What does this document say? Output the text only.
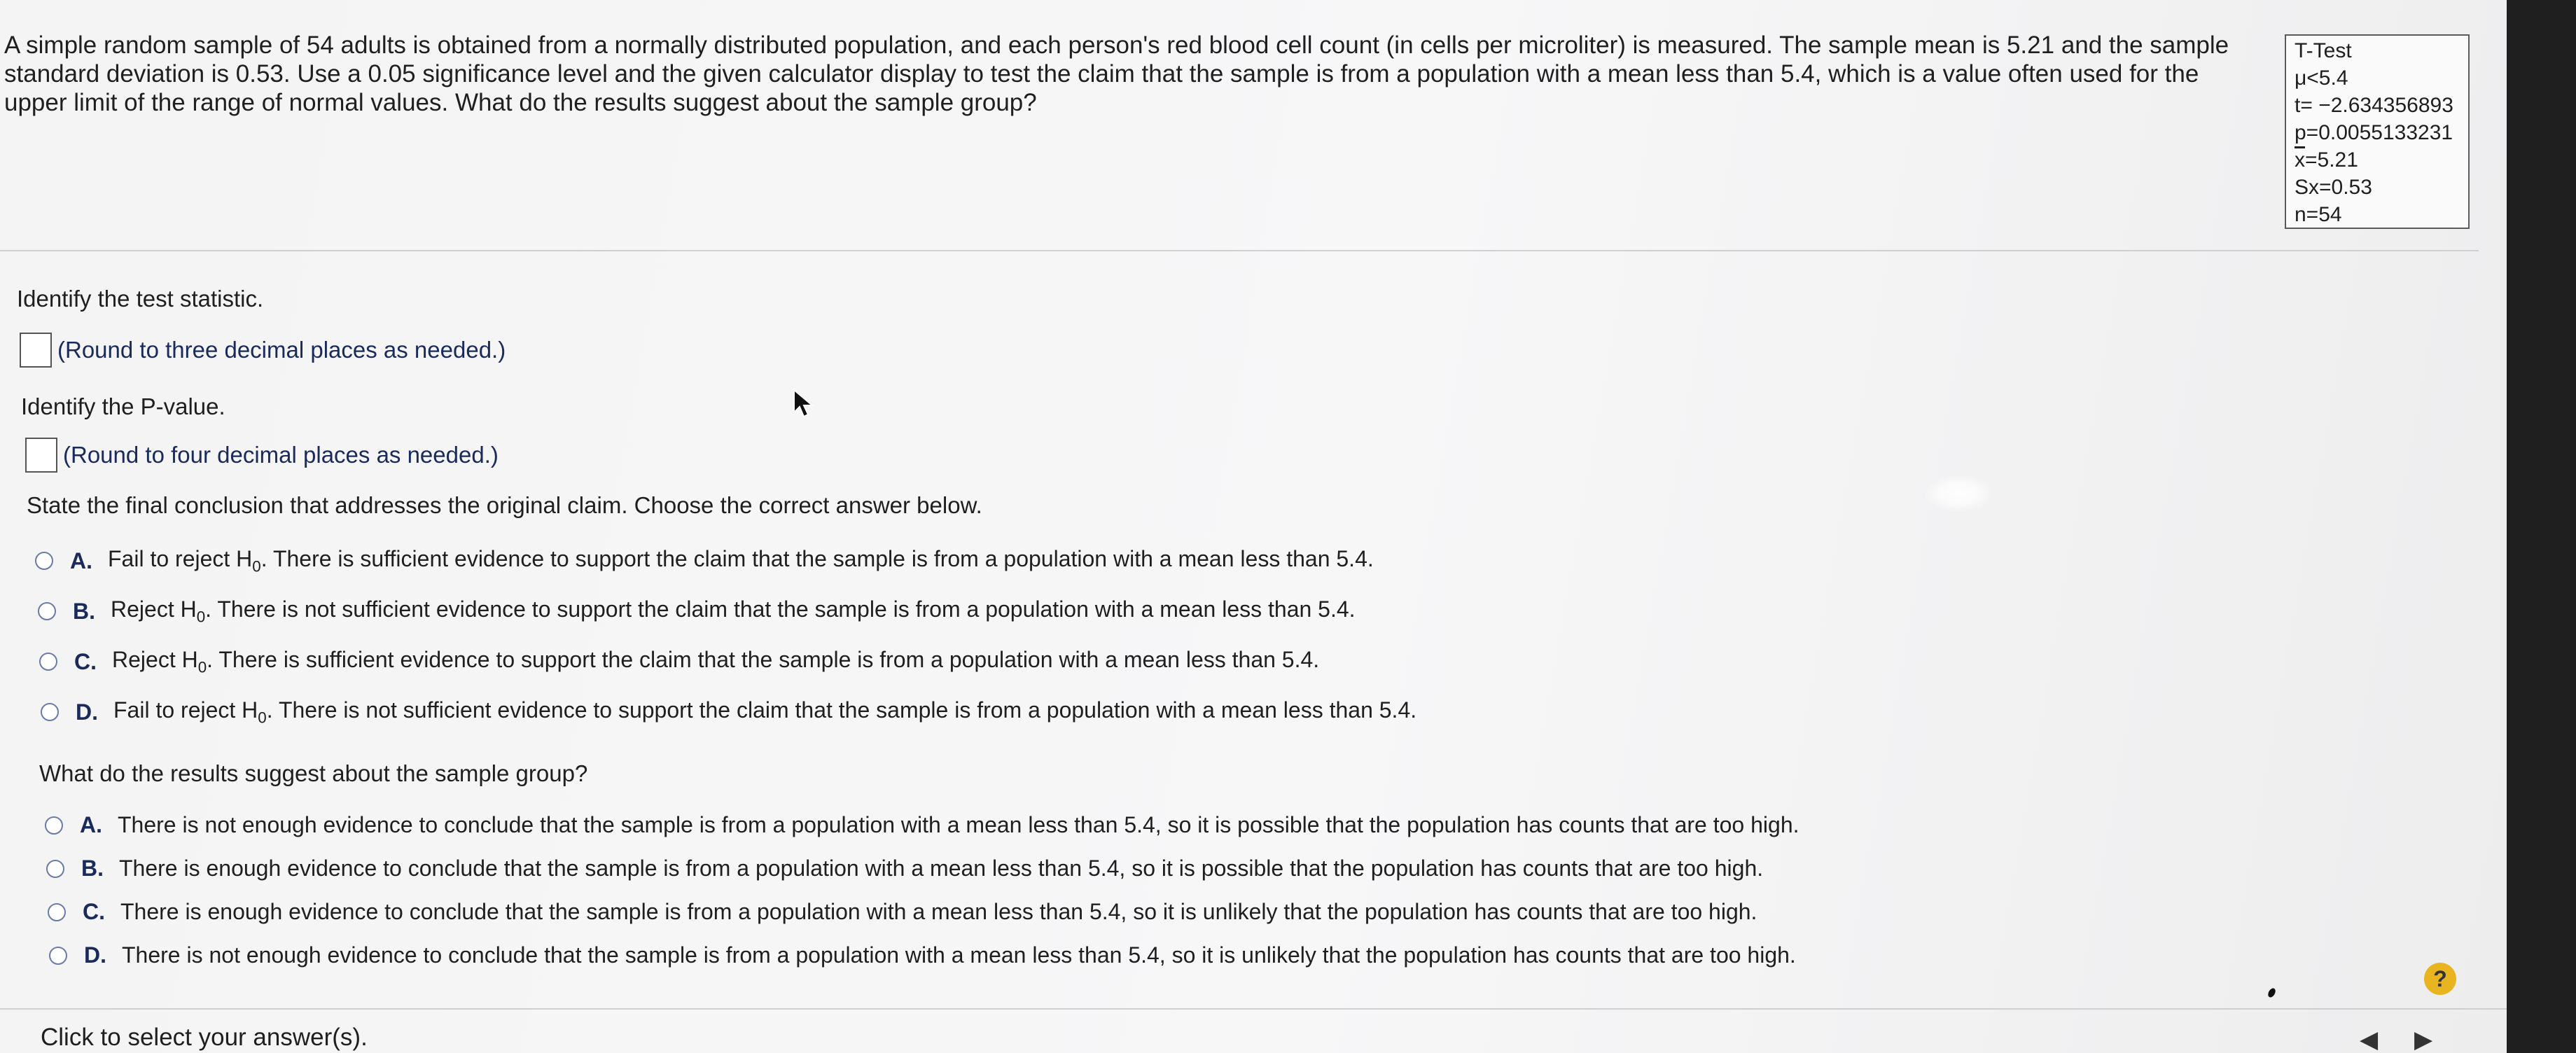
A simple random sample of 54 adults is obtained from a normally distributed population, and each person's red blood cell count (in cells per microliter) is measured. The sample mean is 5.21 and the sample standard deviation is 0.53. Use a 0.05 significance level and the given calculator display to test the claim that the sample is from a population with a mean less than 5.4, which is a value often used for the upper limit of the range of normal values. What do the results suggest about the sample group?

T-Test
μ<5.4
t= −2.634356893
p=0.0055133231
$\overline{x}=5.21$
Sx=0.53
n=54
Identify the test statistic.
(Round to three decimal places as needed.)
Identify the P-value.
(Round to four decimal places as needed.)
State the final conclusion that addresses the original claim. Choose the correct answer below.
A. Fail to reject $H_0$. There is sufficient evidence to support the claim that the sample is from a population with a mean less than 5.4.
B. Reject $H_0$. There is not sufficient evidence to support the claim that the sample is from a population with a mean less than 5.4.
C. Reject $H_0$. There is sufficient evidence to support the claim that the sample is from a population with a mean less than 5.4.
D. Fail to reject $H_0$. There is not sufficient evidence to support the claim that the sample is from a population with a mean less than 5.4.
What do the results suggest about the sample group?
A. There is not enough evidence to conclude that the sample is from a population with a mean less than 5.4, so it is possible that the population has counts that are too high.
B. There is enough evidence to conclude that the sample is from a population with a mean less than 5.4, so it is possible that the population has counts that are too high.
C. There is enough evidence to conclude that the sample is from a population with a mean less than 5.4, so it is unlikely that the population has counts that are too high.
D. There is not enough evidence to conclude that the sample is from a population with a mean less than 5.4, so it is unlikely that the population has counts that are too high.
?
Click to select your answer(s).	◀ ▶
